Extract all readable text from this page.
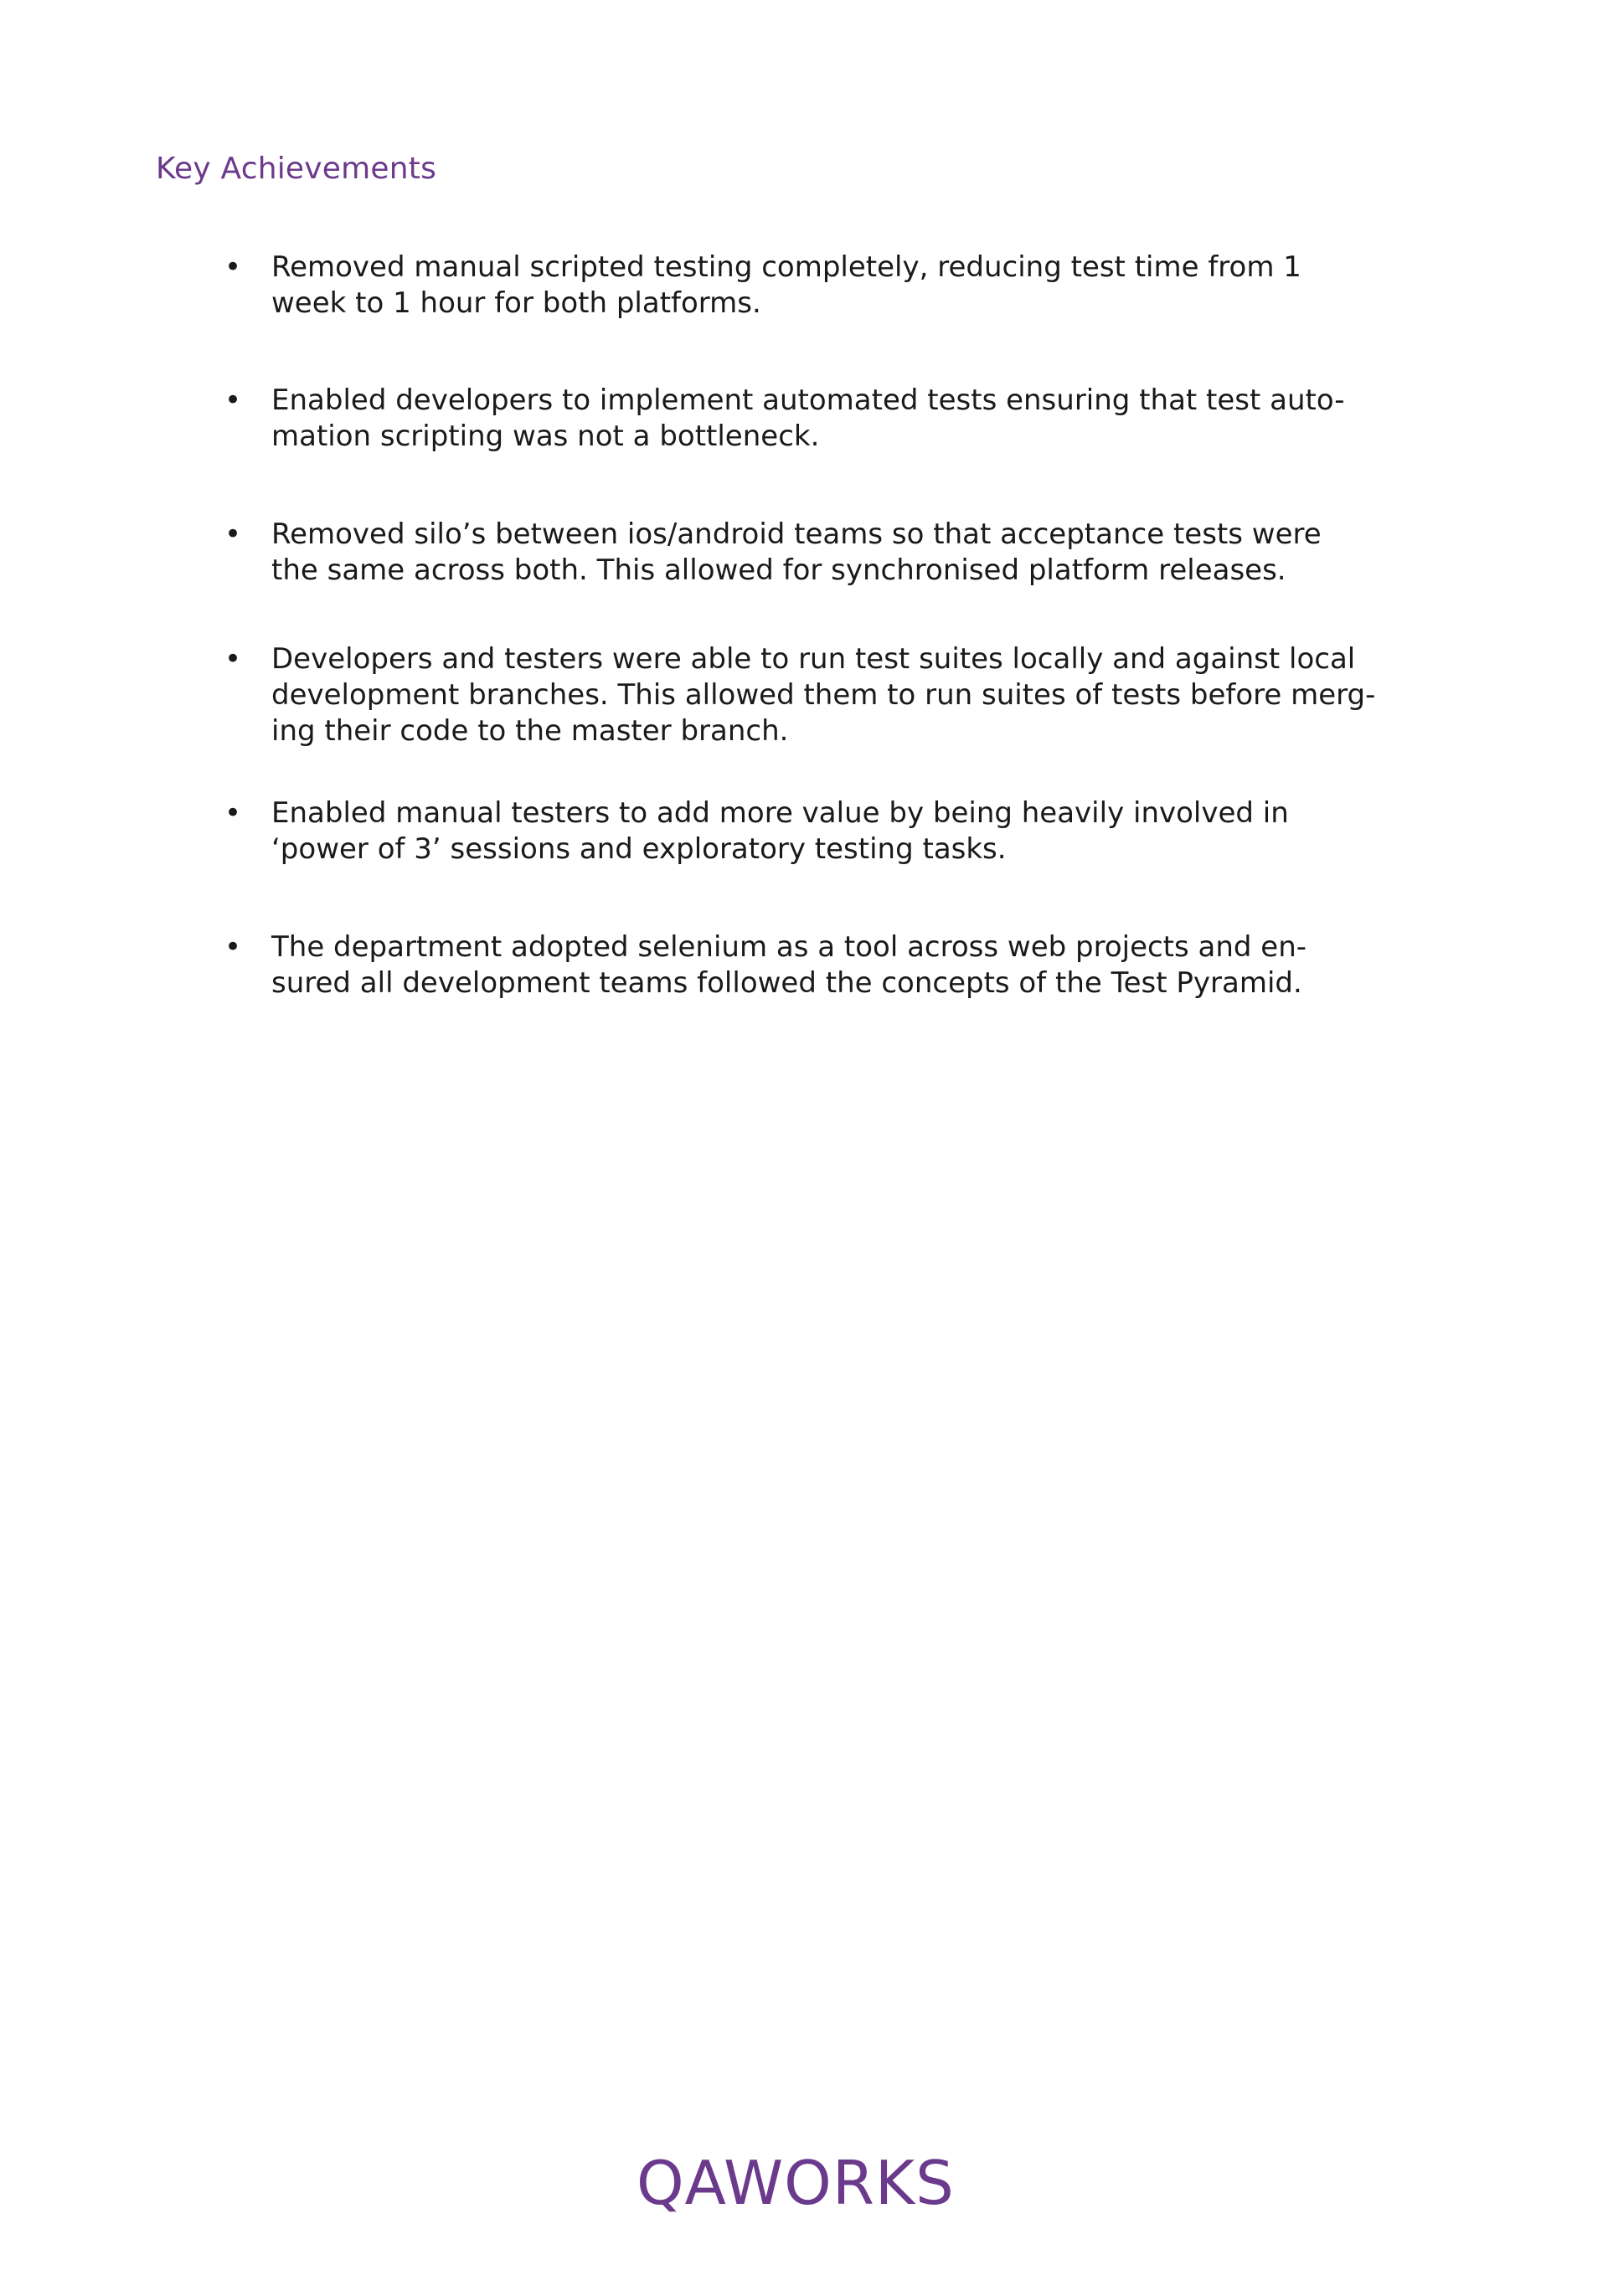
Key Achievements
• Removed manual scripted testing completely, reducing test time from 1
week to 1 hour for both platforms.
• Enabled developers to implement automated tests ensuring that test auto-
mation scripting was not a bottleneck.
• Removed silo’s between ios/android teams so that acceptance tests were
the same across both. This allowed for synchronised platform releases.
• Developers and testers were able to run test suites locally and against local
development branches. This allowed them to run suites of tests before merg-
ing their code to the master branch.
• Enabled manual testers to add more value by being heavily involved in
‘power of 3’ sessions and exploratory testing tasks.
• The department adopted selenium as a tool across web projects and en-
sured all development teams followed the concepts of the Test Pyramid.
QAWORKS
